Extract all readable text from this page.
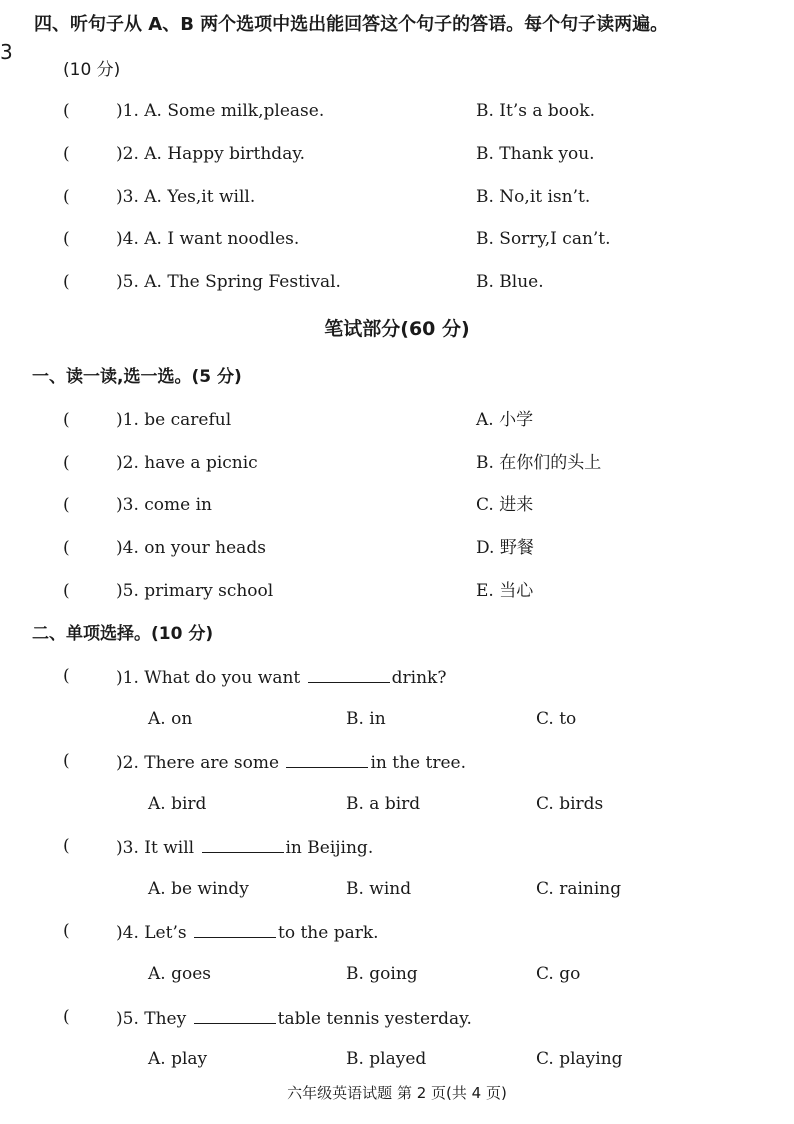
3
四、听句子从 A、B 两个选项中选出能回答这个句子的答语。每个句子读两遍。
(10 分)
(	)1. A. Some milk,please.	B. It’s a book.
(	)2. A. Happy birthday.	B. Thank you.
(	)3. A. Yes,it will.	B. No,it isn’t.
(	)4. A. I want noodles.	B. Sorry,I can’t.
(	)5. A. The Spring Festival.	B. Blue.
笔试部分(60 分)
一、读一读,选一选。(5 分)
(	)1. be careful	A. 小学
(	)2. have a picnic	B. 在你们的头上
(	)3. come in	C. 进来
(	)4. on your heads	D. 野餐
(	)5. primary school	E. 当心
二、单项选择。(10 分)
(	)1. What do you want	drink?
A. on	B. in	C. to
(	)2. There are some	in the tree.
A. bird	B. a bird	C. birds
(	)3. It will	in Beijing.
A. be windy	B. wind	C. raining
(	)4. Let’s	to the park.
A. goes	B. going	C. go
(	)5. They	table tennis yesterday.
A. play	B. played	C. playing
六年级英语试题 第 2 页(共 4 页)
